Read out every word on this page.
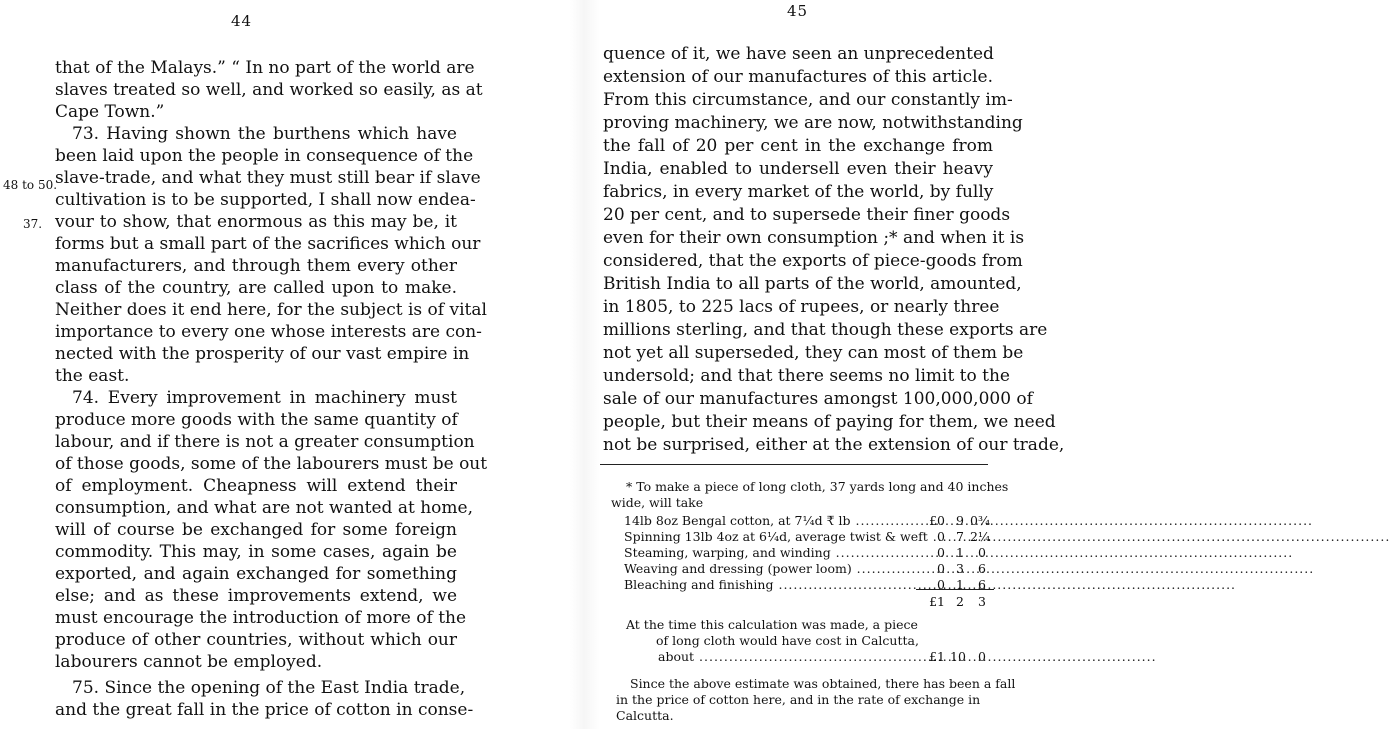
44
45
48 to 50.
37.
that of the Malays.” “ In no part of the world are
slaves treated so well, and worked so easily, as at
Cape Town.”
73. Having shown the burthens which have
been laid upon the people in consequence of the
slave-trade, and what they must still bear if slave
cultivation is to be supported, I shall now endea-
vour to show, that enormous as this may be, it
forms but a small part of the sacrifices which our
manufacturers, and through them every other
class of the country, are called upon to make.
Neither does it end here, for the subject is of vital
importance to every one whose interests are con-
nected with the prosperity of our vast empire in
the east.
74. Every improvement in machinery must
produce more goods with the same quantity of
labour, and if there is not a greater consumption
of those goods, some of the labourers must be out
of employment. Cheapness will extend their
consumption, and what are not wanted at home,
will of course be exchanged for some foreign
commodity. This may, in some cases, again be
exported, and again exchanged for something
else; and as these improvements extend, we
must encourage the introduction of more of the
produce of other countries, without which our
labourers cannot be employed.
75. Since the opening of the East India trade,
and the great fall in the price of cotton in conse-
quence of it, we have seen an unprecedented
extension of our manufactures of this article.
From this circumstance, and our constantly im-
proving machinery, we are now, notwithstanding
the fall of 20 per cent in the exchange from
India, enabled to undersell even their heavy
fabrics, in every market of the world, by fully
20 per cent, and to supersede their finer goods
even for their own consumption ;* and when it is
considered, that the exports of piece-goods from
British India to all parts of the world, amounted,
in 1805, to 225 lacs of rupees, or nearly three
millions sterling, and that though these exports are
not yet all superseded, they can most of them be
undersold; and that there seems no limit to the
sale of our manufactures amongst 100,000,000 of
people, but their means of paying for them, we need
not be surprised, either at the extension of our trade,
* To make a piece of long cloth, 37 yards long and 40 inches
wide, will take
14lb 8oz Bengal cotton, at 7¼d ₹ lb .....	£0 9 0¾
Spinning 13lb 4oz at 6¼d, average twist & weft ..... 0 7 2¼
Steaming, warping, and winding .....	0 1	0
Weaving and dressing (power loom) .....	0 3	6
Bleaching and finishing .....	0 1	6
£1 2	3
At the time this calculation was made, a piece
of long cloth would have cost in Calcutta,
about .....	£1 10 0
Since the above estimate was obtained, there has been a fall
in the price of cotton here, and in the rate of exchange in
Calcutta.
